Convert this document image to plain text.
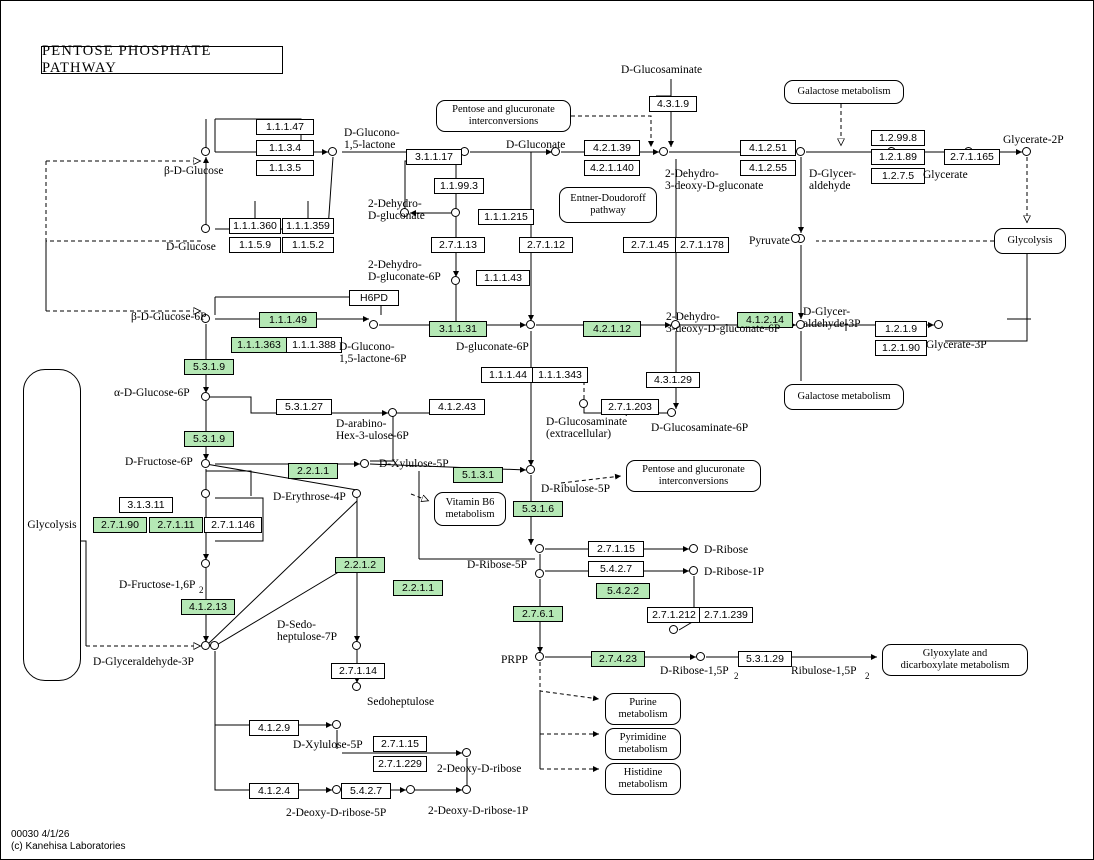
PENTOSE PHOSPHATE PATHWAY
Glycolysis
4.3.1.9
1.1.1.47
1.1.3.4
1.1.3.5
3.1.1.17
4.2.1.39
4.2.1.140
4.1.2.51
4.1.2.55
1.2.99.8
1.2.1.89
1.2.7.5
2.7.1.165
1.1.99.3
1.1.1.215
1.1.1.360 1.1.1.359
1.1.5.9	1.1.5.2	2.7.1.13	2.7.1.12	2.7.1.45	2.7.1.178
1.1.1.43
H6PD
1.1.1.49
3.1.1.31	4.2.1.12
4.1.2.14
1.2.1.9
1.2.1.90
1.1.1.363	1.1.1.388
1.1.1.44	1.1.1.343	4.3.1.29
2.7.1.203
5.3.1.9
5.3.1.27	4.1.2.43
5.3.1.9
2.2.1.1	5.1.3.1
5.3.1.6
3.1.3.11
2.7.1.90	2.7.1.11	2.7.1.146
2.2.1.2
2.2.1.1
2.7.1.15
5.4.2.7
5.4.2.2
2.7.1.212 2.7.1.239
2.7.6.1
2.7.4.23	5.3.1.29
4.1.2.13
2.7.1.14
4.1.2.9
2.7.1.15
2.7.1.229
4.1.2.4	5.4.2.7
D-Glucosaminate
β-D-Glucose
D-Glucose
D-Glucono-
1,5-lactone	D-Gluconate
2-Dehydro-
D-gluconate
2-Dehydro-
3-deoxy-D-gluconate
D-Glycer-
aldehyde
Glycerate
Glycerate-2P
Pyruvate
2-Dehydro-
D-gluconate-6P
β-D-Glucose-6P
D-Glucono-
1,5-lactone-6P
D-gluconate-6P
2-Dehydro-
3-deoxy-D-gluconate-6P
D-Glycer-
aldehyde-3P
Glycerate-3P
α-D-Glucose-6P
D-arabino-
Hex-3-ulose-6P
D-Glucosaminate
(extracellular)	D-Glucosaminate-6P
D-Fructose-6P	D-Xylulose-5P
D-Ribulose-5P
D-Erythrose-4P
D-Ribose-5P
D-Ribose
D-Ribose-1P
D-Fructose-1,6P 2
D-Sedo-
heptulose-7P
D-Glyceraldehyde-3P	PRPP
D-Ribose-1,5P 2	Ribulose-1,5P 2
Sedoheptulose
D-Xylulose-5P
2-Deoxy-D-ribose
2-Deoxy-D-ribose-5P	2-Deoxy-D-ribose-1P
Galactose metabolism
Pentose and glucuronate
interconversions
Entner-Doudoroff
pathway
Glycolysis
Galactose metabolism
Pentose and glucuronate
interconversions
Vitamin B6
metabolism
Glyoxylate and
dicarboxylate metabolism
Purine
metabolism
Pyrimidine
metabolism
Histidine
metabolism
00030 4/1/26
(c) Kanehisa Laboratories
